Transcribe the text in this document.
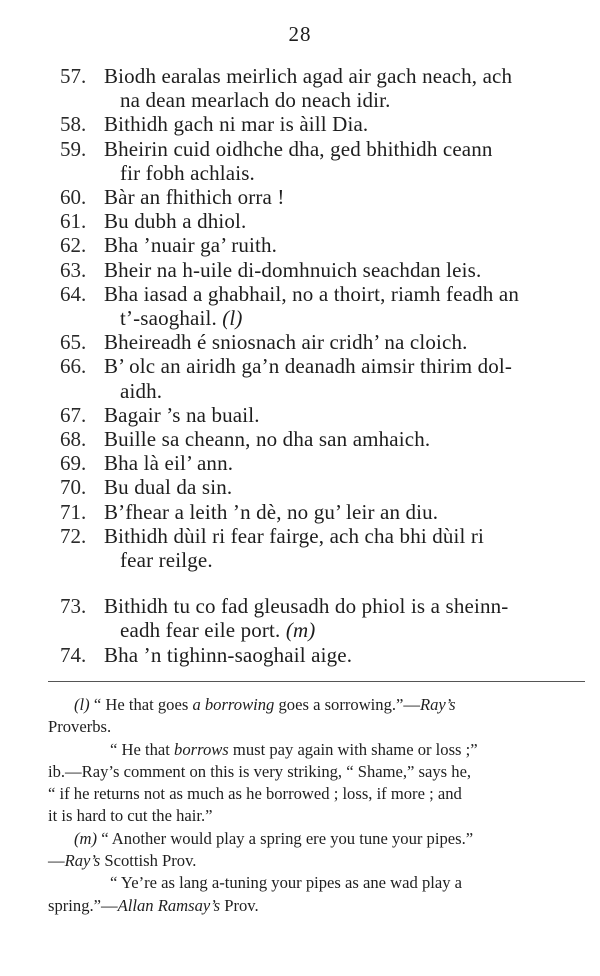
28

57. Biodh earalas meirlich agad air gach neach, ach
na dean mearlach do neach idir.

58. Bithidh gach ni mar is àill Dia.

59. Bheirin cuid oidhche dha, ged bhithidh ceann
fir fobh achlais.

60. Bàr an fhithich orra !

61. Bu dubh a dhiol.

62. Bha ’nuair ga’ ruith.

63. Bheir na h-uile di-domhnuich seachdan leis.

64. Bha iasad a ghabhail, no a thoirt, riamh feadh an
t’-saoghail. (l)

65. Bheireadh é sniosnach air cridh’ na cloich.

66. B’ olc an airidh ga’n deanadh aimsir thirim dol-
aidh.

67. Bagair ’s na buail.

68. Buille sa cheann, no dha san amhaich.

69. Bha là eil’ ann.

70. Bu dual da sin.

71. B’fhear a leith ’n dè, no gu’ leir an diu.

72. Bithidh dùil ri fear fairge, ach cha bhi dùil ri
fear reilge.

73. Bithidh tu co fad gleusadh do phiol is a sheinn-
eadh fear eile port. (m)

74. Bha ’n tighinn-saoghail aige.

(l) “ He that goes a borrowing goes a sorrowing.”—Ray’s
Proverbs.

“ He that borrows must pay again with shame or loss ;”

ib.—Ray’s comment on this is very striking, “ Shame,” says he,
“ if he returns not as much as he borrowed ; loss, if more ; and
it is hard to cut the hair.”

(m) “ Another would play a spring ere you tune your pipes.”
—Ray’s Scottish Prov.

“ Ye’re as lang a-tuning your pipes as ane wad play a
spring.”—Allan Ramsay’s Prov.
